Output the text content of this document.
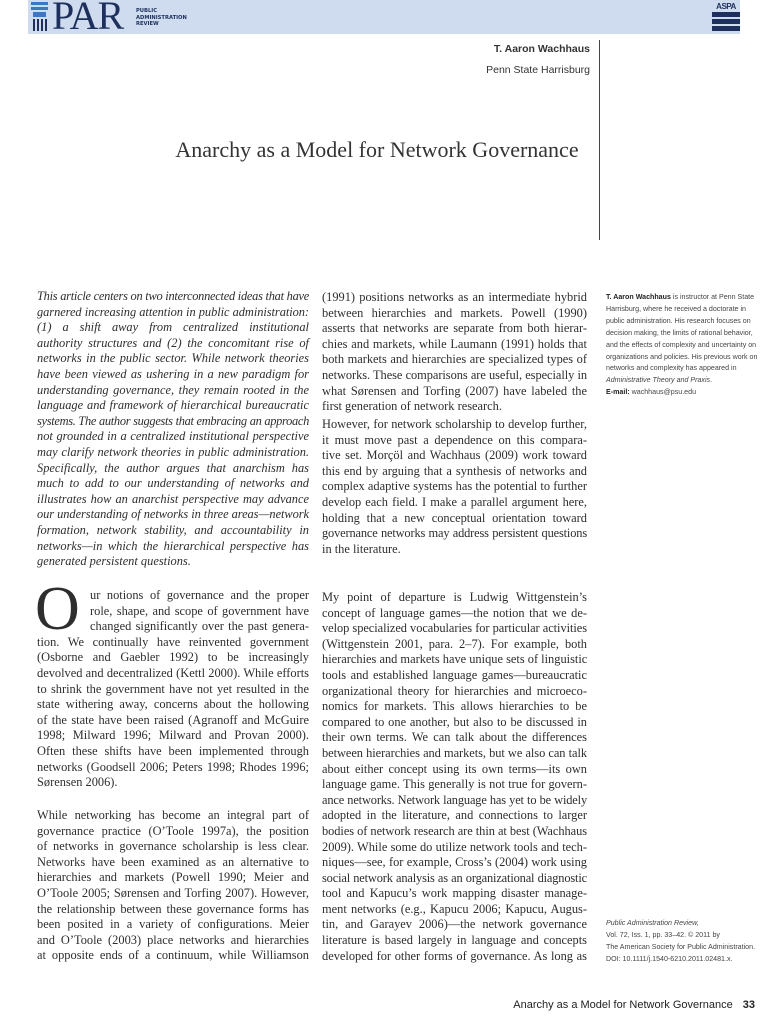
PAR PUBLIC
ADMINISTRATION
REVIEW
ASPA
T. Aaron Wachhaus
Penn State Harrisburg
Anarchy as a Model for Network Governance
This article centers on two interconnected ideas that have
garnered increasing attention in public administration:
(1) a shift away from centralized institutional
authority structures and (2) the concomitant rise of
networks in the public sector. While network theories
have been viewed as ushering in a new paradigm for
understanding governance, they remain rooted in the
language and framework of hierarchical bureaucratic
systems. The author suggests that embracing an approach
not grounded in a centralized institutional perspective
may clarify network theories in public administration.
Specifically, the author argues that anarchism has
much to add to our understanding of networks and
illustrates how an anarchist perspective may advance
our understanding of networks in three areas—network
formation, network stability, and accountability in
networks—in which the hierarchical perspective has
generated persistent questions.
O ur notions of governance and the proper
role, shape, and scope of government have
changed significantly over the past genera-
tion. We continually have reinvented government
(Osborne and Gaebler 1992) to be increasingly
devolved and decentralized (Kettl 2000). While efforts
to shrink the government have not yet resulted in the
state withering away, concerns about the hollowing
of the state have been raised (Agranoff and McGuire
1998; Milward 1996; Milward and Provan 2000).
Often these shifts have been implemented through
networks (Goodsell 2006; Peters 1998; Rhodes 1996;
Sørensen 2006).
While networking has become an integral part of
governance practice (O’Toole 1997a), the position
of networks in governance scholarship is less clear.
Networks have been examined as an alternative to
hierarchies and markets (Powell 1990; Meier and
O’Toole 2005; Sørensen and Torfing 2007). However,
the relationship between these governance forms has
been posited in a variety of configurations. Meier
and O’Toole (2003) place networks and hierarchies
at opposite ends of a continuum, while Williamson
(1991) positions networks as an intermediate hybrid
between hierarchies and markets. Powell (1990)
asserts that networks are separate from both hierar-
chies and markets, while Laumann (1991) holds that
both markets and hierarchies are specialized types of
networks. These comparisons are useful, especially in
what Sørensen and Torfing (2007) have labeled the
first generation of network research.
However, for network scholarship to develop further,
it must move past a dependence on this compara-
tive set. Morçöl and Wachhaus (2009) work toward
this end by arguing that a synthesis of networks and
complex adaptive systems has the potential to further
develop each field. I make a parallel argument here,
holding that a new conceptual orientation toward
governance networks may address persistent questions
in the literature.
My point of departure is Ludwig Wittgenstein’s
concept of language games—the notion that we de-
velop specialized vocabularies for particular activities
(Wittgenstein 2001, para. 2–7). For example, both
hierarchies and markets have unique sets of linguistic
tools and established language games—bureaucratic
organizational theory for hierarchies and microeco-
nomics for markets. This allows hierarchies to be
compared to one another, but also to be discussed in
their own terms. We can talk about the differences
between hierarchies and markets, but we also can talk
about either concept using its own terms—its own
language game. This generally is not true for govern-
ance networks. Network language has yet to be widely
adopted in the literature, and connections to larger
bodies of network research are thin at best (Wachhaus
2009). While some do utilize network tools and tech-
niques—see, for example, Cross’s (2004) work using
social network analysis as an organizational diagnostic
tool and Kapucu’s work mapping disaster manage-
ment networks (e.g., Kapucu 2006; Kapucu, Augus-
tin, and Garayev 2006)—the network governance
literature is based largely in language and concepts
developed for other forms of governance. As long as
T. Aaron Wachhaus is instructor at Penn State Harrisburg, where he received a doctorate in public administration. His research focuses on decision making, the limits of rational behavior, and the effects of complexity and uncertainty on organizations and policies. His previous work on networks and complexity has appeared in Administrative Theory and Praxis.
E-mail: wachhaus@psu.edu
Public Administration Review,
Vol. 72, Iss. 1, pp. 33–42. © 2011 by
The American Society for Public Administration.
DOI: 10.1111/j.1540-6210.2011.02481.x.
Anarchy as a Model for Network Governance 33
